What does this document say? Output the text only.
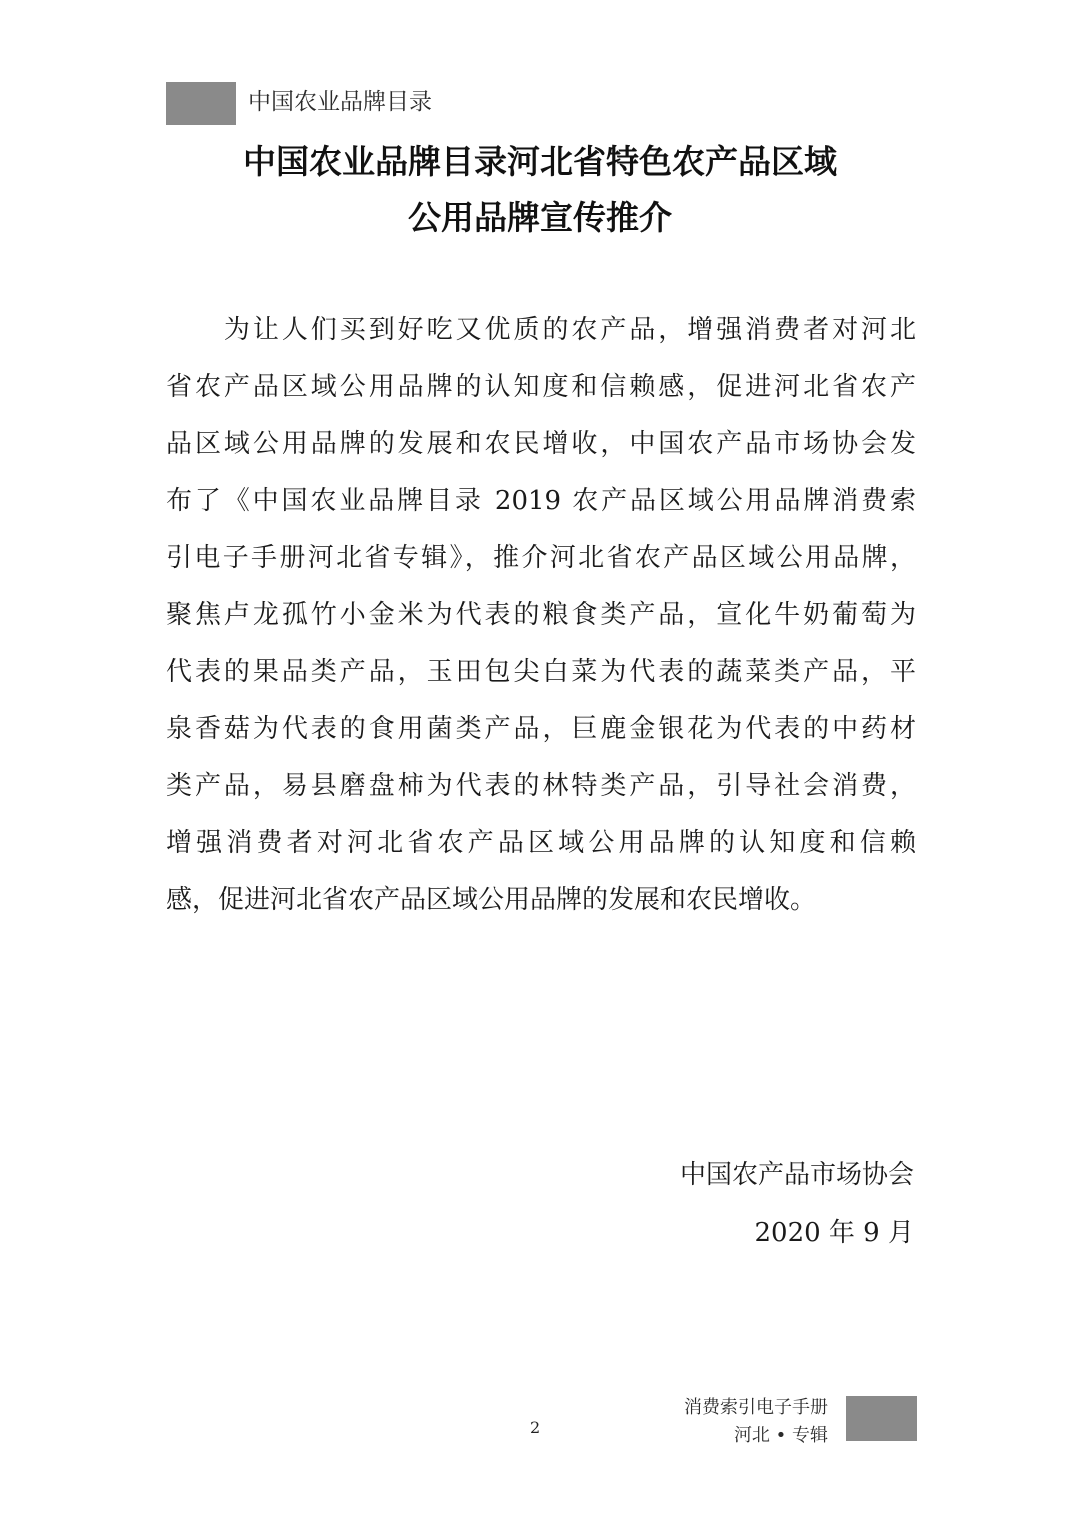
中国农业品牌目录
中国农业品牌目录河北省特色农产品区域
公用品牌宣传推介
　　为让人们买到好吃又优质的农产品，增强消费者对河北
省农产品区域公用品牌的认知度和信赖感，促进河北省农产
品区域公用品牌的发展和农民增收，中国农产品市场协会发
布了《中国农业品牌目录 2019 农产品区域公用品牌消费索
引电子手册河北省专辑》，推介河北省农产品区域公用品牌，
聚焦卢龙孤竹小金米为代表的粮食类产品，宣化牛奶葡萄为
代表的果品类产品，玉田包尖白菜为代表的蔬菜类产品，平
泉香菇为代表的食用菌类产品，巨鹿金银花为代表的中药材
类产品，易县磨盘柿为代表的林特类产品，引导社会消费，
增强消费者对河北省农产品区域公用品牌的认知度和信赖
感，促进河北省农产品区域公用品牌的发展和农民增收。
中国农产品市场协会
2020 年 9 月
2
消费索引电子手册
河北 • 专辑
